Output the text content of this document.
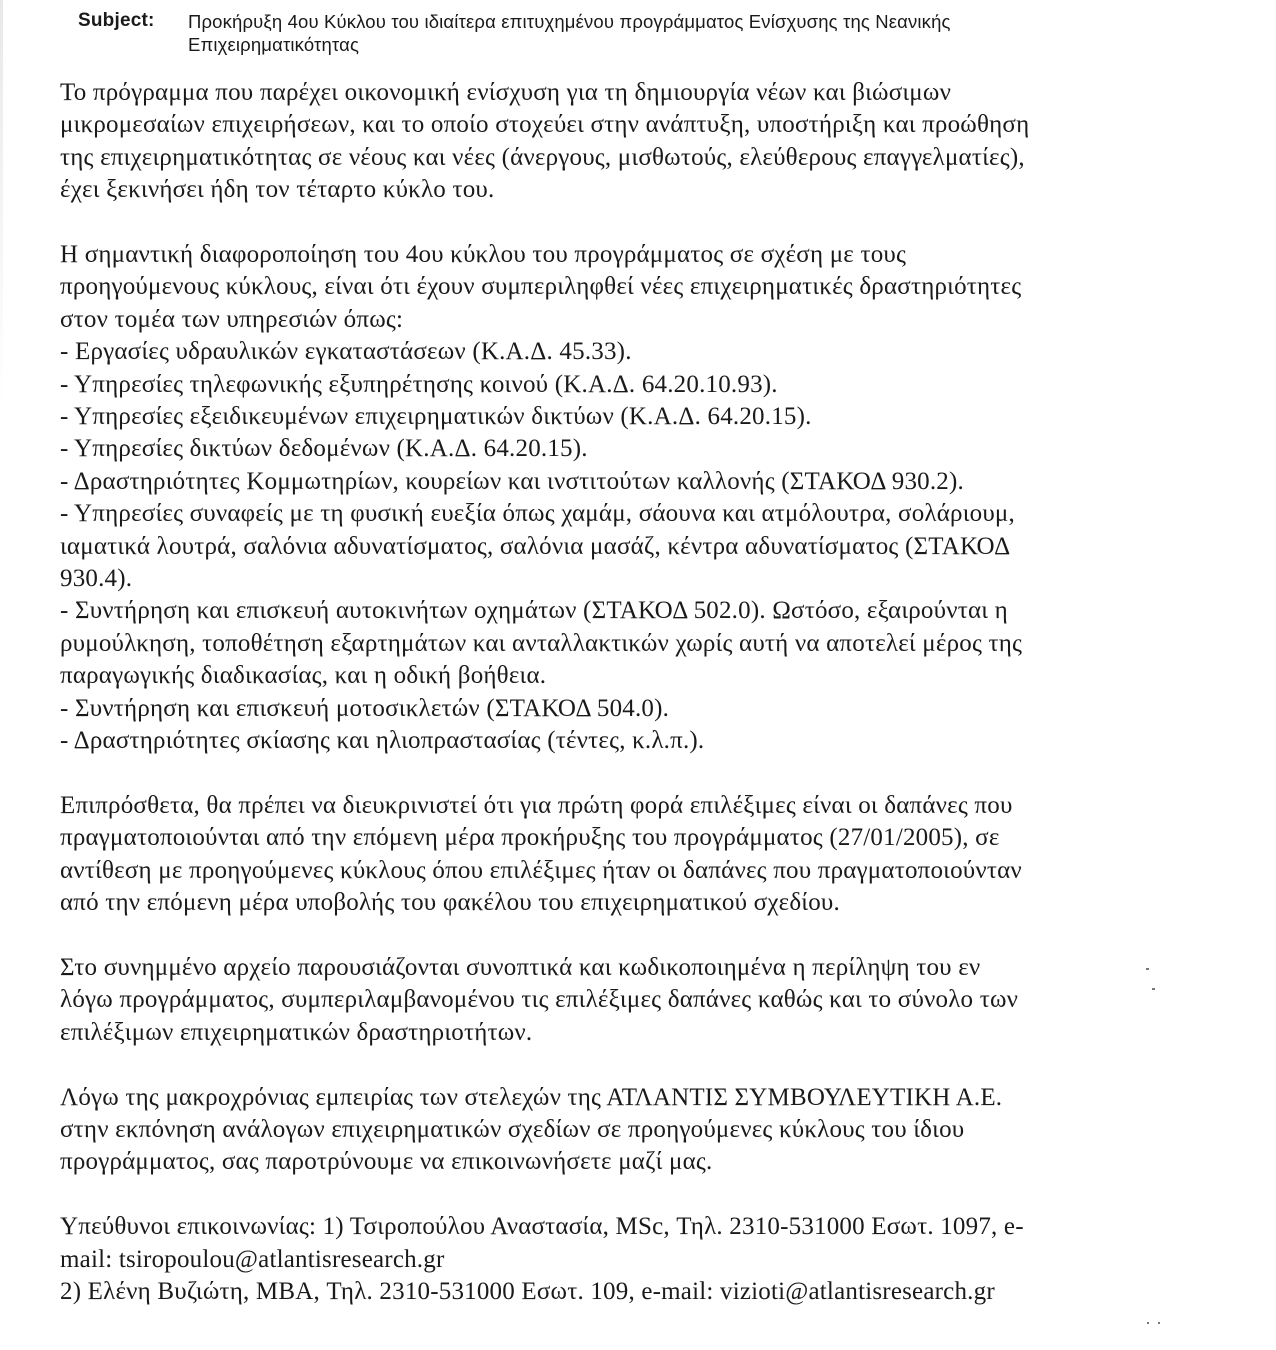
Subject: Προκήρυξη 4ου Κύκλου του ιδιαίτερα επιτυχημένου προγράμματος Ενίσχυσης της Νεανικής
Επιχειρηματικότητας
Το πρόγραμμα που παρέχει οικονομική ενίσχυση για τη δημιουργία νέων και βιώσιμων
μικρομεσαίων επιχειρήσεων, και το οποίο στοχεύει στην ανάπτυξη, υποστήριξη και προώθηση
της επιχειρηματικότητας σε νέους και νέες (άνεργους, μισθωτούς, ελεύθερους επαγγελματίες),
έχει ξεκινήσει ήδη τον τέταρτο κύκλο του.
Η σημαντική διαφοροποίηση του 4ου κύκλου του προγράμματος σε σχέση με τους
προηγούμενους κύκλους, είναι ότι έχουν συμπεριληφθεί νέες επιχειρηματικές δραστηριότητες
στον τομέα των υπηρεσιών όπως:
- Εργασίες υδραυλικών εγκαταστάσεων (Κ.Α.Δ. 45.33).
- Υπηρεσίες τηλεφωνικής εξυπηρέτησης κοινού (Κ.Α.Δ. 64.20.10.93).
- Υπηρεσίες εξειδικευμένων επιχειρηματικών δικτύων (Κ.Α.Δ. 64.20.15).
- Υπηρεσίες δικτύων δεδομένων (Κ.Α.Δ. 64.20.15).
- Δραστηριότητες Κομμωτηρίων, κουρείων και ινστιτούτων καλλονής (ΣΤΑΚΟΔ 930.2).
- Υπηρεσίες συναφείς με τη φυσική ευεξία όπως χαμάμ, σάουνα και ατμόλουτρα, σολάριουμ,
ιαματικά λουτρά, σαλόνια αδυνατίσματος, σαλόνια μασάζ, κέντρα αδυνατίσματος (ΣΤΑΚΟΔ
930.4).
- Συντήρηση και επισκευή αυτοκινήτων οχημάτων (ΣΤΑΚΟΔ 502.0). Ωστόσο, εξαιρούνται η
ρυμούλκηση, τοποθέτηση εξαρτημάτων και ανταλλακτικών χωρίς αυτή να αποτελεί μέρος της
παραγωγικής διαδικασίας, και η οδική βοήθεια.
- Συντήρηση και επισκευή μοτοσικλετών (ΣΤΑΚΟΔ 504.0).
- Δραστηριότητες σκίασης και ηλιοπραστασίας (τέντες, κ.λ.π.).
Επιπρόσθετα, θα πρέπει να διευκρινιστεί ότι για πρώτη φορά επιλέξιμες είναι οι δαπάνες που
πραγματοποιούνται από την επόμενη μέρα προκήρυξης του προγράμματος (27/01/2005), σε
αντίθεση με προηγούμενες κύκλους όπου επιλέξιμες ήταν οι δαπάνες που πραγματοποιούνταν
από την επόμενη μέρα υποβολής του φακέλου του επιχειρηματικού σχεδίου.
Στο συνημμένο αρχείο παρουσιάζονται συνοπτικά και κωδικοποιημένα η περίληψη του εν
λόγω προγράμματος, συμπεριλαμβανομένου τις επιλέξιμες δαπάνες καθώς και το σύνολο των
επιλέξιμων επιχειρηματικών δραστηριοτήτων.
Λόγω της μακροχρόνιας εμπειρίας των στελεχών της ΑΤΛΑΝΤΙΣ ΣΥΜΒΟΥΛΕΥΤΙΚΗ Α.Ε.
στην εκπόνηση ανάλογων επιχειρηματικών σχεδίων σε προηγούμενες κύκλους του ίδιου
προγράμματος, σας παροτρύνουμε να επικοινωνήσετε μαζί μας.
Υπεύθυνοι επικοινωνίας: 1) Τσιροπούλου Αναστασία, MSc, Τηλ. 2310-531000 Εσωτ. 1097, e-
mail: tsiropoulou@atlantisresearch.gr
2) Ελένη Βυζιώτη, MBA, Τηλ. 2310-531000 Εσωτ. 109, e-mail: vizioti@atlantisresearch.gr
